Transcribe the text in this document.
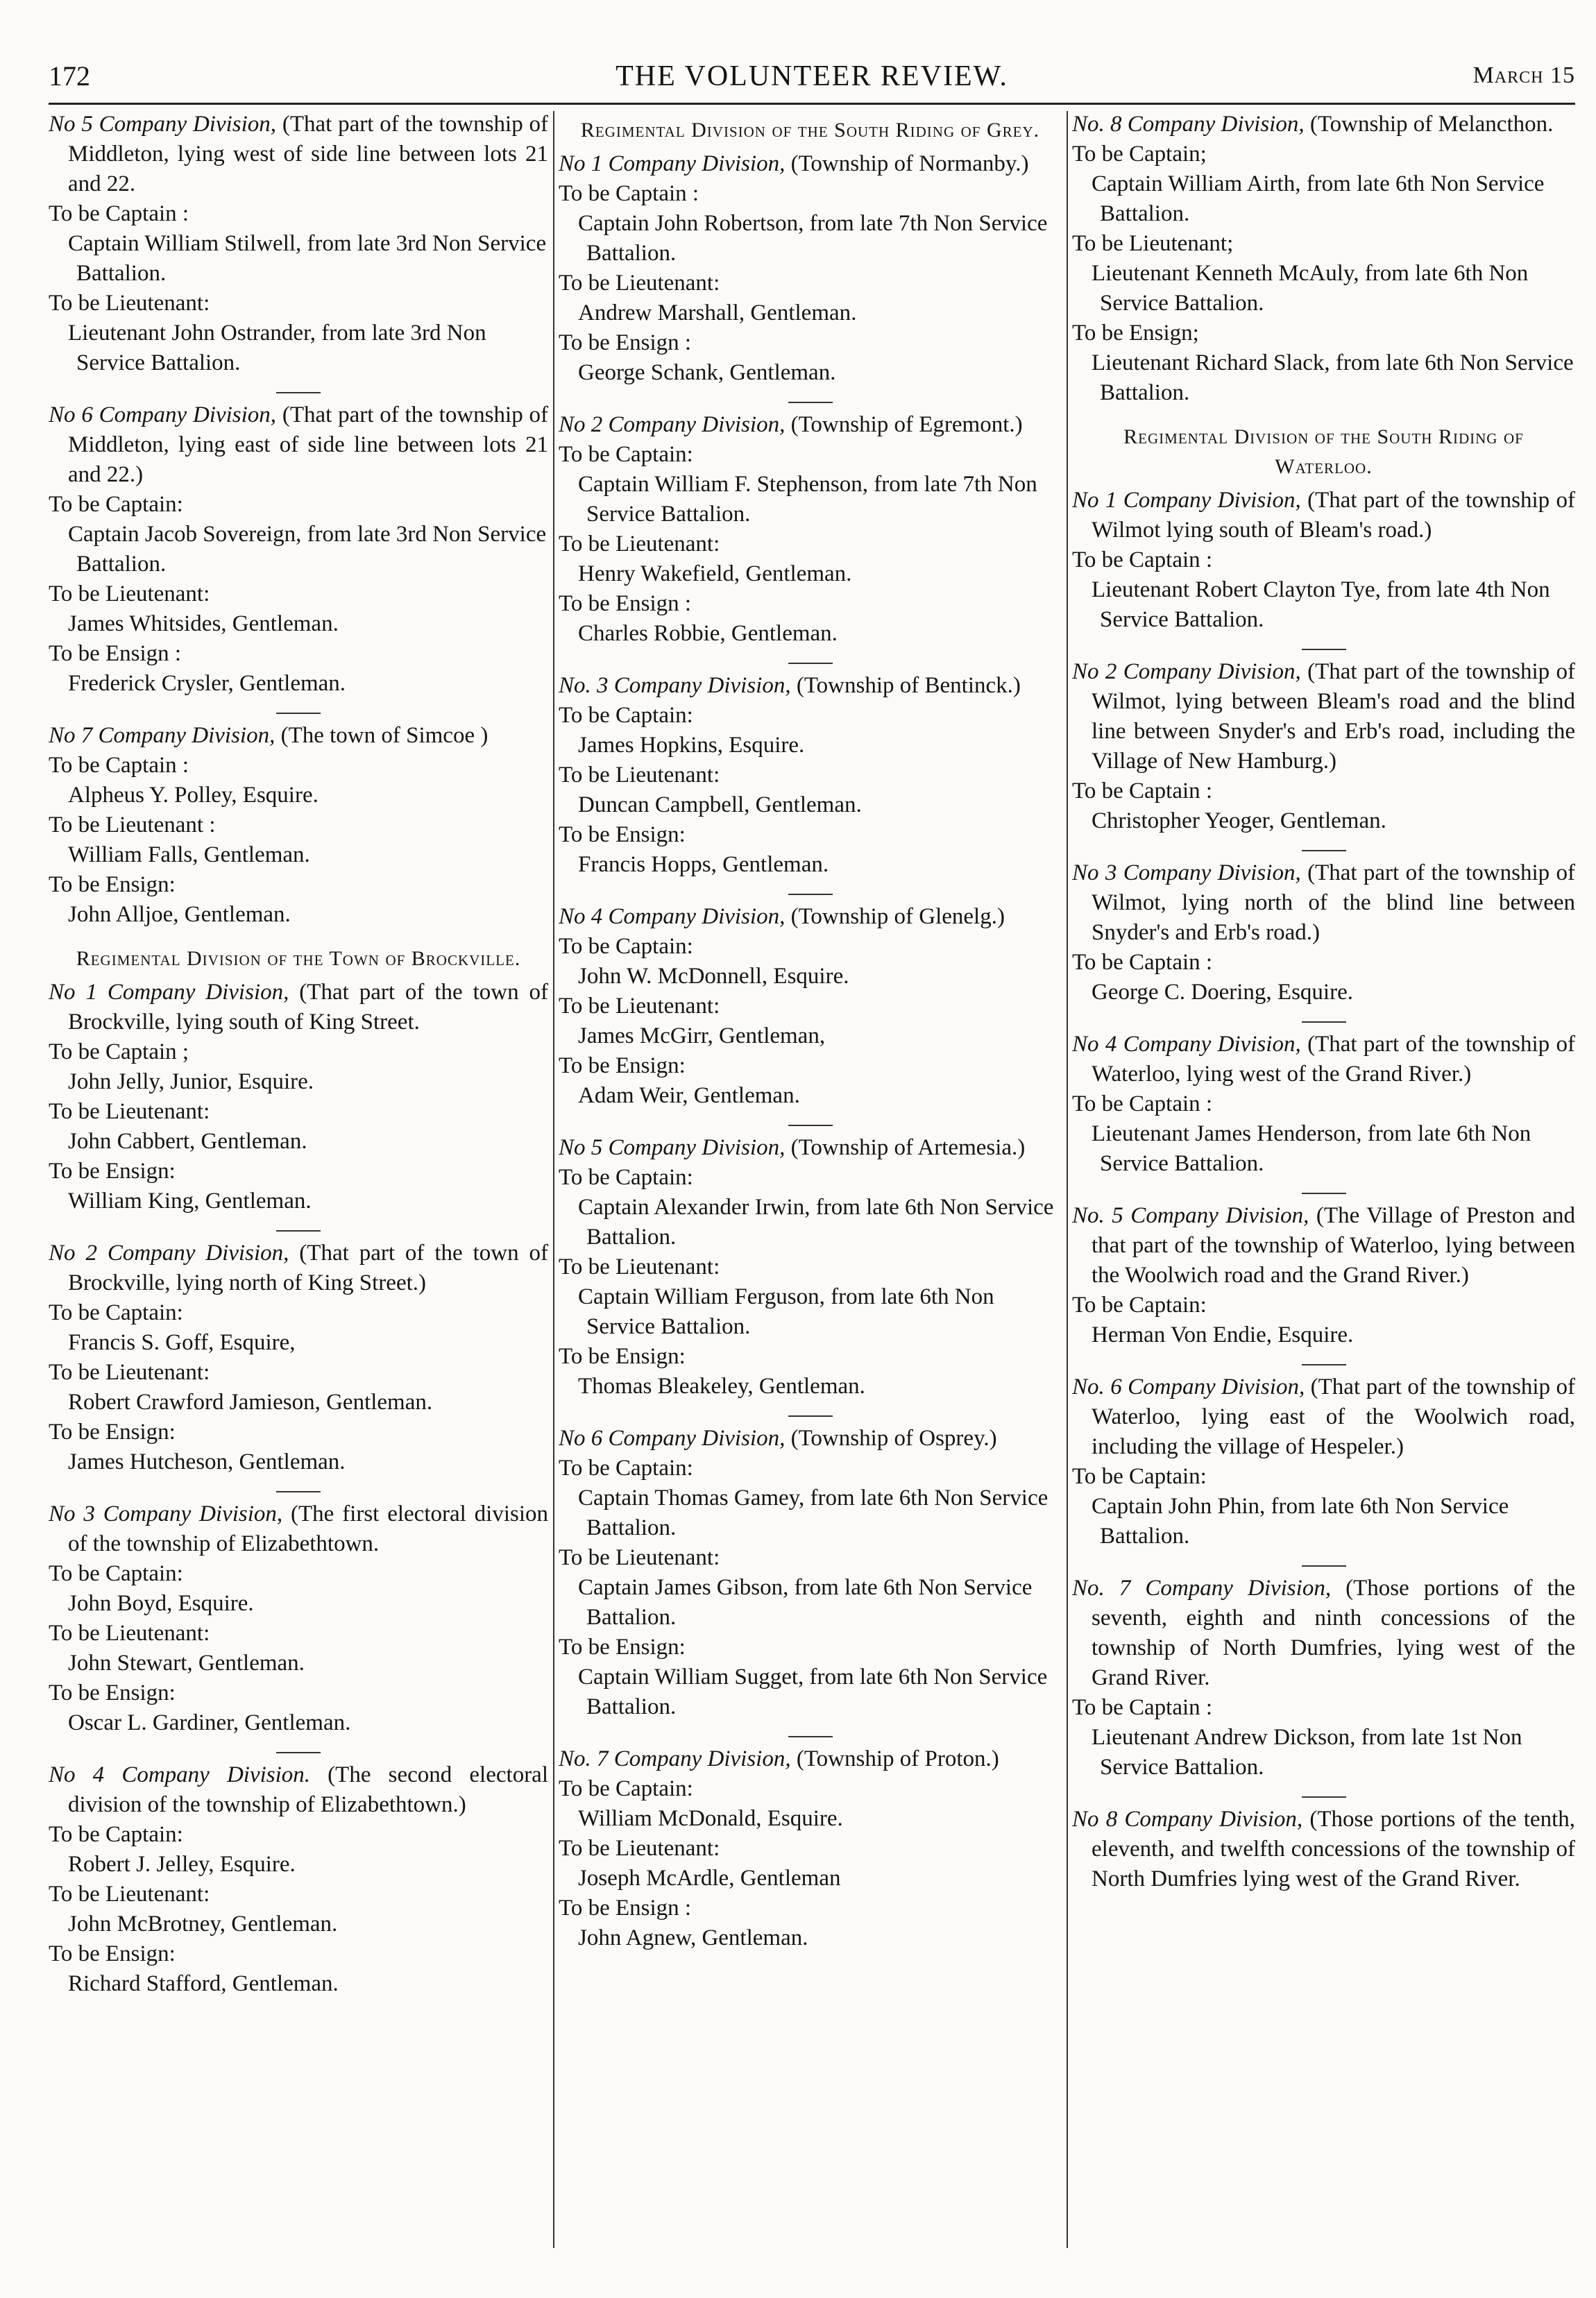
172	THE VOLUNTEER REVIEW.	March 15
No 5 Company Division, (That part of the township of Middleton, lying west of side line between lots 21 and 22.
To be Captain :
Captain William Stilwell, from late 3rd Non Service Battalion.
To be Lieutenant:
Lieutenant John Ostrander, from late 3rd Non Service Battalion.
No 6 Company Division, (That part of the township of Middleton, lying east of side line between lots 21 and 22.)
To be Captain:
Captain Jacob Sovereign, from late 3rd Non Service Battalion.
To be Lieutenant:
James Whitsides, Gentleman.
To be Ensign :
Frederick Crysler, Gentleman.
No 7 Company Division, (The town of Simcoe )
To be Captain :
Alpheus Y. Polley, Esquire.
To be Lieutenant :
William Falls, Gentleman.
To be Ensign:
John Alljoe, Gentleman.
Regimental Division of the Town of Brockville.
No 1 Company Division, (That part of the town of Brockville, lying south of King Street.
To be Captain ;
John Jelly, Junior, Esquire.
To be Lieutenant:
John Cabbert, Gentleman.
To be Ensign:
William King, Gentleman.
No 2 Company Division, (That part of the town of Brockville, lying north of King Street.)
To be Captain:
Francis S. Goff, Esquire,
To be Lieutenant:
Robert Crawford Jamieson, Gentleman.
To be Ensign:
James Hutcheson, Gentleman.
No 3 Company Division, (The first electoral division of the township of Elizabethtown.
To be Captain:
John Boyd, Esquire.
To be Lieutenant:
John Stewart, Gentleman.
To be Ensign:
Oscar L. Gardiner, Gentleman.
No 4 Company Division. (The second electoral division of the township of Elizabethtown.)
To be Captain:
Robert J. Jelley, Esquire.
To be Lieutenant:
John McBrotney, Gentleman.
To be Ensign:
Richard Stafford, Gentleman.
Regimental Division of the South Riding of Grey.
No 1 Company Division, (Township of Normanby.)
To be Captain :
Captain John Robertson, from late 7th Non Service Battalion.
To be Lieutenant:
Andrew Marshall, Gentleman.
To be Ensign :
George Schank, Gentleman.
No 2 Company Division, (Township of Egremont.)
To be Captain:
Captain William F. Stephenson, from late 7th Non Service Battalion.
To be Lieutenant:
Henry Wakefield, Gentleman.
To be Ensign :
Charles Robbie, Gentleman.
No. 3 Company Division, (Township of Bentinck.)
To be Captain:
James Hopkins, Esquire.
To be Lieutenant:
Duncan Campbell, Gentleman.
To be Ensign:
Francis Hopps, Gentleman.
No 4 Company Division, (Township of Glenelg.)
To be Captain:
John W. McDonnell, Esquire.
To be Lieutenant:
James McGirr, Gentleman,
To be Ensign:
Adam Weir, Gentleman.
No 5 Company Division, (Township of Artemesia.)
To be Captain:
Captain Alexander Irwin, from late 6th Non Service Battalion.
To be Lieutenant:
Captain William Ferguson, from late 6th Non Service Battalion.
To be Ensign:
Thomas Bleakeley, Gentleman.
No 6 Company Division, (Township of Osprey.)
To be Captain:
Captain Thomas Gamey, from late 6th Non Service Battalion.
To be Lieutenant:
Captain James Gibson, from late 6th Non Service Battalion.
To be Ensign:
Captain William Sugget, from late 6th Non Service Battalion.
No. 7 Company Division, (Township of Proton.)
To be Captain:
William McDonald, Esquire.
To be Lieutenant:
Joseph McArdle, Gentleman
To be Ensign :
John Agnew, Gentleman.
No. 8 Company Division, (Township of Melancthon.
To be Captain;
Captain William Airth, from late 6th Non Service Battalion.
To be Lieutenant;
Lieutenant Kenneth McAuly, from late 6th Non Service Battalion.
To be Ensign;
Lieutenant Richard Slack, from late 6th Non Service Battalion.
Regimental Division of the South Riding of Waterloo.
No 1 Company Division, (That part of the township of Wilmot lying south of Bleam's road.)
To be Captain :
Lieutenant Robert Clayton Tye, from late 4th Non Service Battalion.
No 2 Company Division, (That part of the township of Wilmot, lying between Bleam's road and the blind line between Snyder's and Erb's road, including the Village of New Hamburg.)
To be Captain :
Christopher Yeoger, Gentleman.
No 3 Company Division, (That part of the township of Wilmot, lying north of the blind line between Snyder's and Erb's road.)
To be Captain :
George C. Doering, Esquire.
No 4 Company Division, (That part of the township of Waterloo, lying west of the Grand River.)
To be Captain :
Lieutenant James Henderson, from late 6th Non Service Battalion.
No. 5 Company Division, (The Village of Preston and that part of the township of Waterloo, lying between the Woolwich road and the Grand River.)
To be Captain:
Herman Von Endie, Esquire.
No. 6 Company Division, (That part of the township of Waterloo, lying east of the Woolwich road, including the village of Hespeler.)
To be Captain:
Captain John Phin, from late 6th Non Service Battalion.
No. 7 Company Division, (Those portions of the seventh, eighth and ninth concessions of the township of North Dumfries, lying west of the Grand River.
To be Captain :
Lieutenant Andrew Dickson, from late 1st Non Service Battalion.
No 8 Company Division, (Those portions of the tenth, eleventh, and twelfth concessions of the township of North Dumfries lying west of the Grand River.
